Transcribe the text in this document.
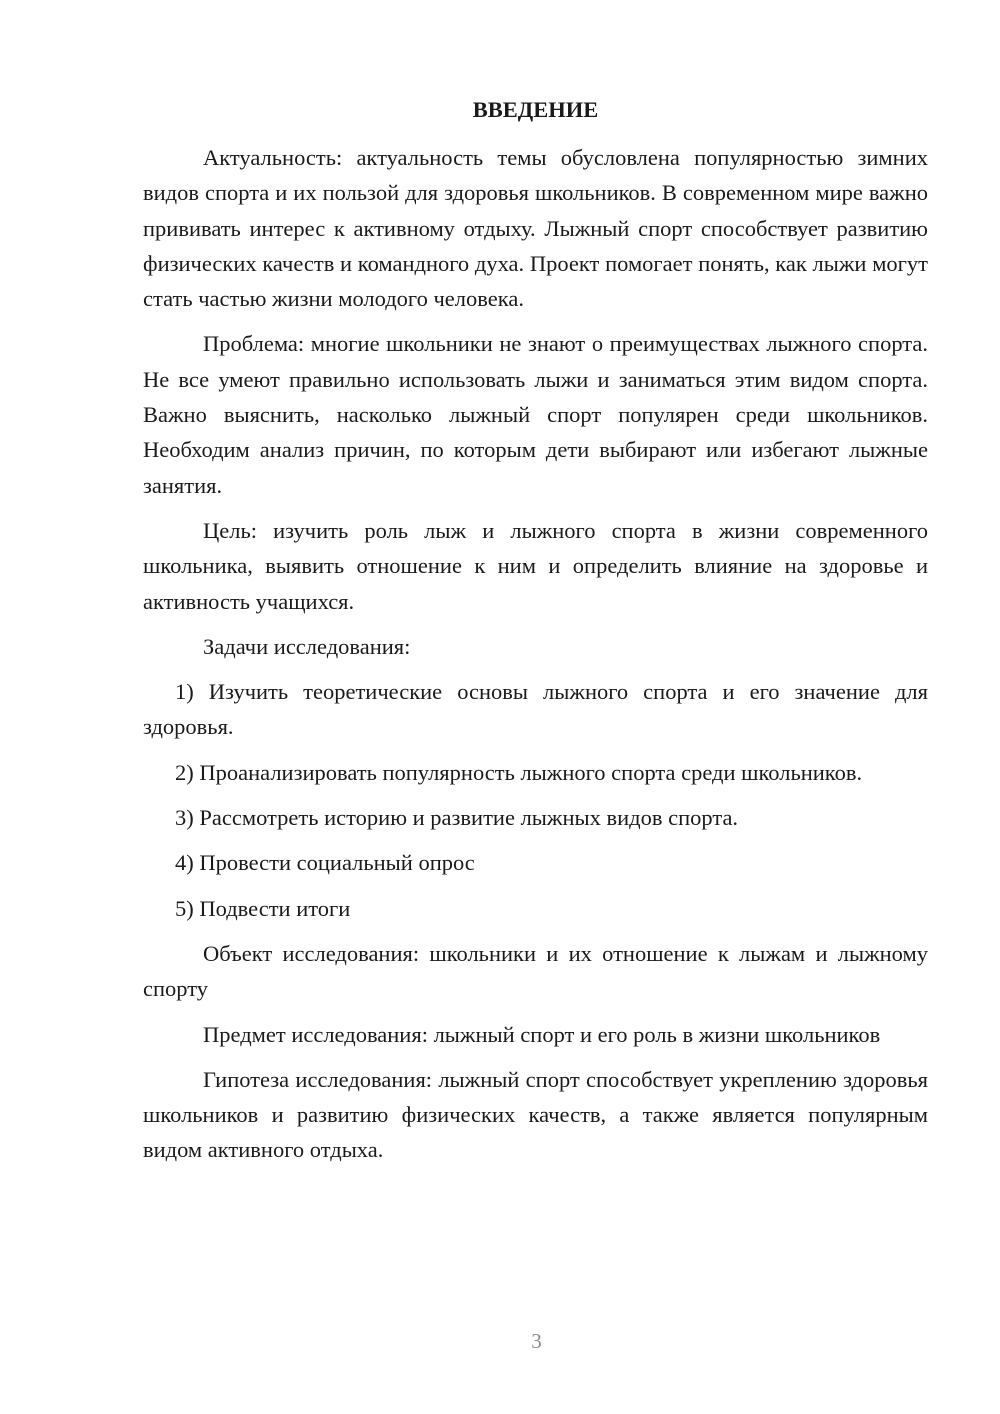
ВВЕДЕНИЕ

Актуальность: актуальность темы обусловлена популярностью зимних видов спорта и их пользой для здоровья школьников. В современном мире важно прививать интерес к активному отдыху. Лыжный спорт способствует развитию физических качеств и командного духа. Проект помогает понять, как лыжи могут стать частью жизни молодого человека.

Проблема: многие школьники не знают о преимуществах лыжного спорта. Не все умеют правильно использовать лыжи и заниматься этим видом спорта. Важно выяснить, насколько лыжный спорт популярен среди школьников. Необходим анализ причин, по которым дети выбирают или избегают лыжные занятия.

Цель: изучить роль лыж и лыжного спорта в жизни современного школьника, выявить отношение к ним и определить влияние на здоровье и активность учащихся.

Задачи исследования:

1) Изучить теоретические основы лыжного спорта и его значение для здоровья.

2) Проанализировать популярность лыжного спорта среди школьников.

3) Рассмотреть историю и развитие лыжных видов спорта.

4) Провести социальный опрос

5) Подвести итоги

Объект исследования: школьники и их отношение к лыжам и лыжному спорту

Предмет исследования: лыжный спорт и его роль в жизни школьников

Гипотеза исследования: лыжный спорт способствует укреплению здоровья школьников и развитию физических качеств, а также является популярным видом активного отдыха.

3
